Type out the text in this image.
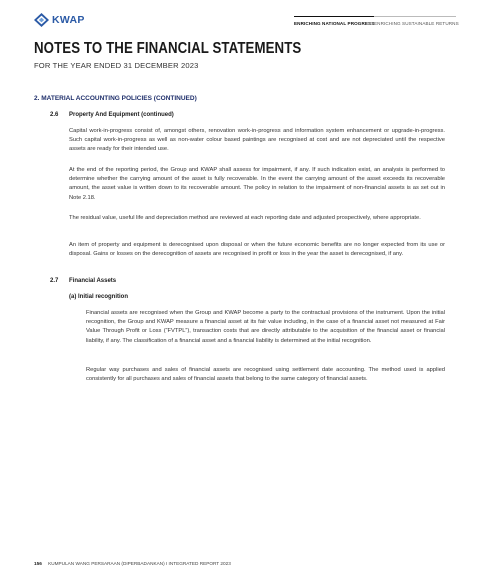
KWAP	ENRICHING NATIONAL PROGRESS ENRICHING SUSTAINABLE RETURNS
NOTES TO THE FINANCIAL STATEMENTS
FOR THE YEAR ENDED 31 DECEMBER 2023
2. MATERIAL ACCOUNTING POLICIES (CONTINUED)
2.6 Property And Equipment (continued)

Capital work-in-progress consist of, amongst others, renovation work-in-progress and information system enhancement or upgrade-in-progress. Such capital work-in-progress as well as non-water colour based paintings are recognised at cost and are not depreciated until the respective assets are ready for their intended use.

At the end of the reporting period, the Group and KWAP shall assess for impairment, if any. If such indication exist, an analysis is performed to determine whether the carrying amount of the asset is fully recoverable. In the event the carrying amount of the asset exceeds its recoverable amount, the asset value is written down to its recoverable amount. The policy in relation to the impairment of non-financial assets is as set out in Note 2.18.

The residual value, useful life and depreciation method are reviewed at each reporting date and adjusted prospectively, where appropriate.

An item of property and equipment is derecognised upon disposal or when the future economic benefits are no longer expected from its use or disposal. Gains or losses on the derecognition of assets are recognised in profit or loss in the year the asset is derecognised, if any.

2.7 Financial Assets
(a) Initial recognition

Financial assets are recognised when the Group and KWAP become a party to the contractual provisions of the instrument. Upon the initial recognition, the Group and KWAP measure a financial asset at its fair value including, in the case of a financial asset not measured at Fair Value Through Profit or Loss (“FVTPL”), transaction costs that are directly attributable to the acquisition of the financial asset or financial liability, if any. The classification of a financial asset and a financial liability is determined at the initial recognition.

Regular way purchases and sales of financial assets are recognised using settlement date accounting. The method used is applied consistently for all purchases and sales of financial assets that belong to the same category of financial assets.

156 KUMPULAN WANG PERSARAAN (DIPERBADANKAN) I INTEGRATED REPORT 2023
